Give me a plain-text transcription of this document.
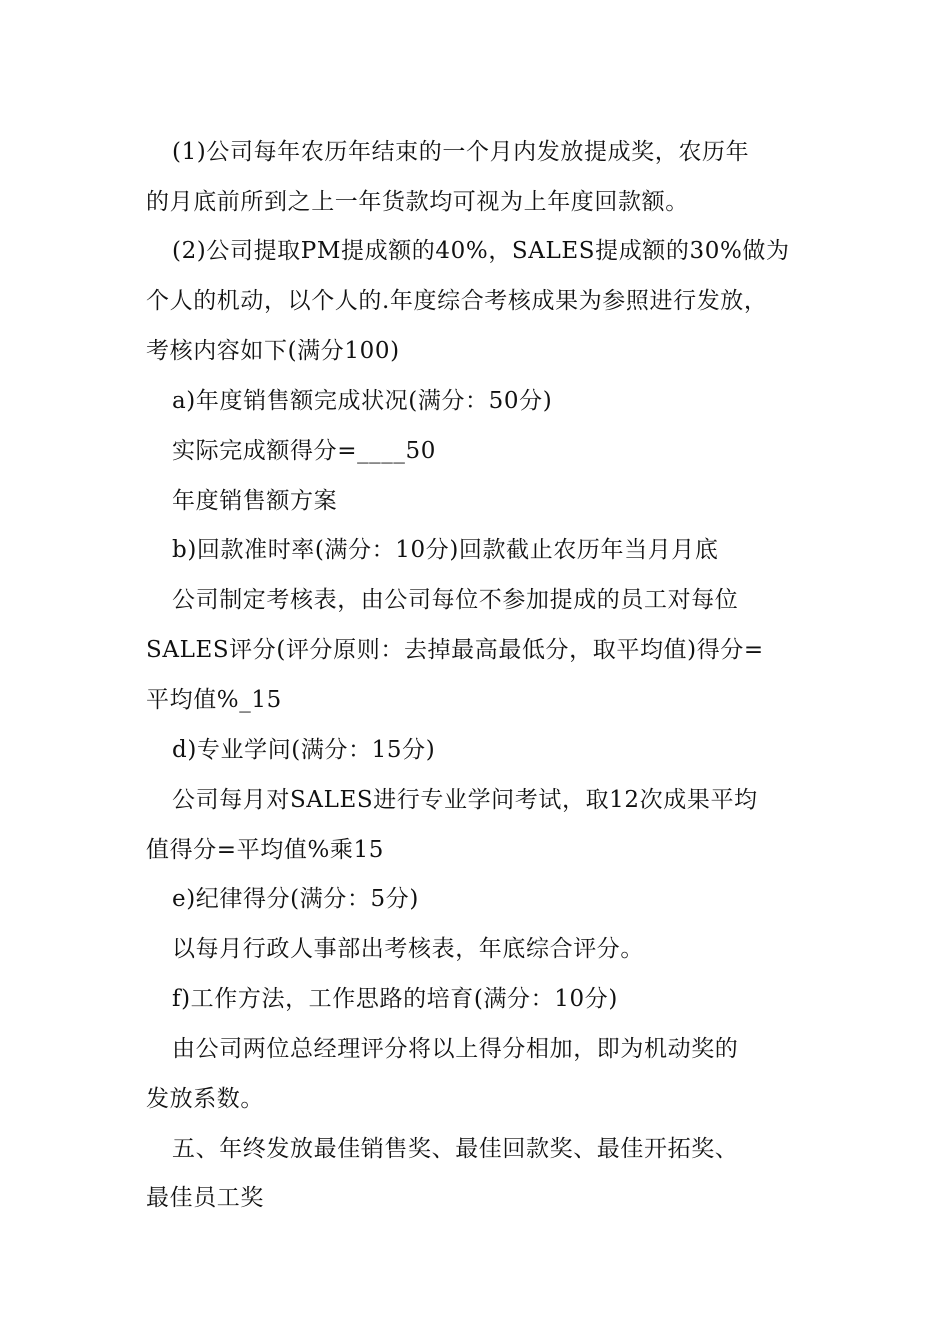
(1)公司每年农历年结束的一个月内发放提成奖，农历年
的月底前所到之上一年货款均可视为上年度回款额。
(2)公司提取PM提成额的40%，SALES提成额的30%做为
个人的机动，以个人的.年度综合考核成果为参照进行发放，
考核内容如下(满分100)
a)年度销售额完成状况(满分：50分)
实际完成额得分=____50
年度销售额方案
b)回款准时率(满分：10分)回款截止农历年当月月底
公司制定考核表，由公司每位不参加提成的员工对每位
SALES评分(评分原则：去掉最高最低分，取平均值)得分=
平均值%_15
d)专业学问(满分：15分)
公司每月对SALES进行专业学问考试，取12次成果平均
值得分=平均值%乘15
e)纪律得分(满分：5分)
以每月行政人事部出考核表，年底综合评分。
f)工作方法，工作思路的培育(满分：10分)
由公司两位总经理评分将以上得分相加，即为机动奖的
发放系数。
五、年终发放最佳销售奖、最佳回款奖、最佳开拓奖、
最佳员工奖
